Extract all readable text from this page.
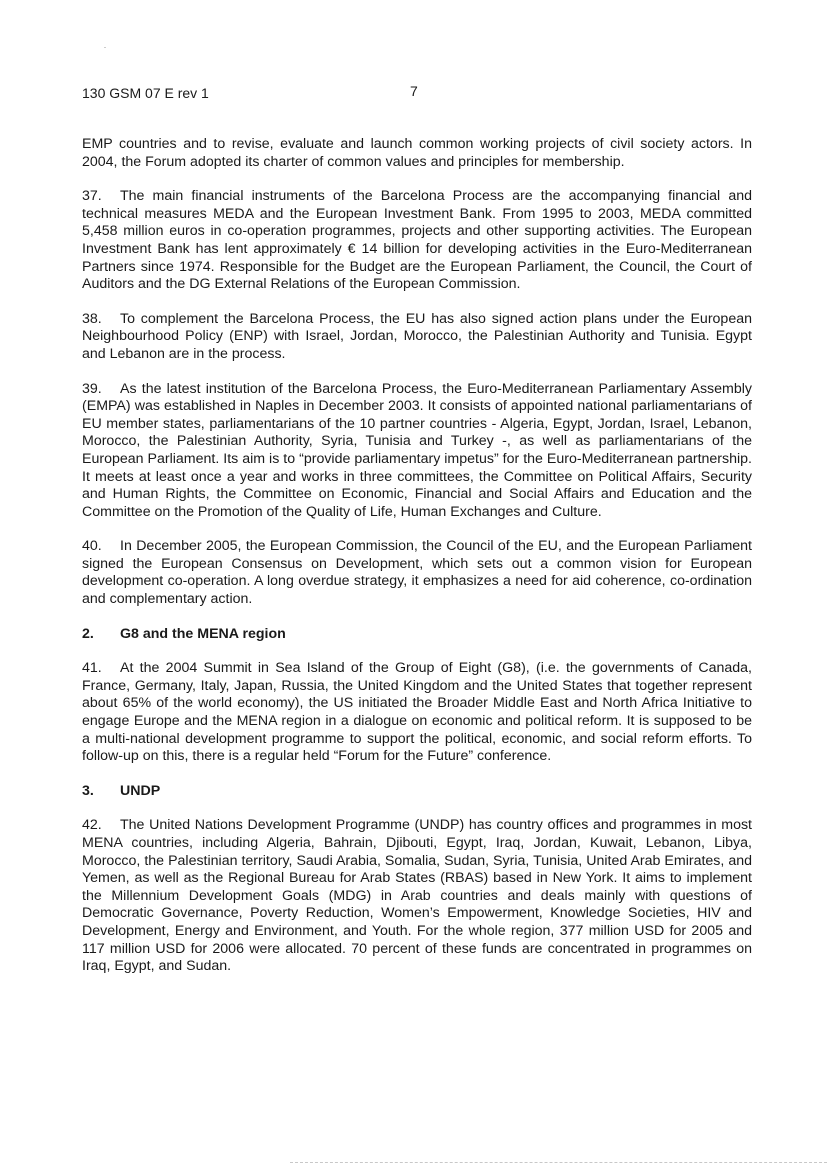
130 GSM 07 E rev 1	7

EMP countries and to revise, evaluate and launch common working projects of civil society actors. In 2004, the Forum adopted its charter of common values and principles for membership.

37. The main financial instruments of the Barcelona Process are the accompanying financial and technical measures MEDA and the European Investment Bank. From 1995 to 2003, MEDA committed 5,458 million euros in co-operation programmes, projects and other supporting activities. The European Investment Bank has lent approximately € 14 billion for developing activities in the Euro-Mediterranean Partners since 1974. Responsible for the Budget are the European Parliament, the Council, the Court of Auditors and the DG External Relations of the European Commission.

38. To complement the Barcelona Process, the EU has also signed action plans under the European Neighbourhood Policy (ENP) with Israel, Jordan, Morocco, the Palestinian Authority and Tunisia. Egypt and Lebanon are in the process.

39. As the latest institution of the Barcelona Process, the Euro-Mediterranean Parliamentary Assembly (EMPA) was established in Naples in December 2003. It consists of appointed national parliamentarians of EU member states, parliamentarians of the 10 partner countries - Algeria, Egypt, Jordan, Israel, Lebanon, Morocco, the Palestinian Authority, Syria, Tunisia and Turkey -, as well as parliamentarians of the European Parliament. Its aim is to “provide parliamentary impetus” for the Euro-Mediterranean partnership. It meets at least once a year and works in three committees, the Committee on Political Affairs, Security and Human Rights, the Committee on Economic, Financial and Social Affairs and Education and the Committee on the Promotion of the Quality of Life, Human Exchanges and Culture.

40. In December 2005, the European Commission, the Council of the EU, and the European Parliament signed the European Consensus on Development, which sets out a common vision for European development co-operation. A long overdue strategy, it emphasizes a need for aid coherence, co-ordination and complementary action.

2. G8 and the MENA region

41. At the 2004 Summit in Sea Island of the Group of Eight (G8), (i.e. the governments of Canada, France, Germany, Italy, Japan, Russia, the United Kingdom and the United States that together represent about 65% of the world economy), the US initiated the Broader Middle East and North Africa Initiative to engage Europe and the MENA region in a dialogue on economic and political reform. It is supposed to be a multi-national development programme to support the political, economic, and social reform efforts. To follow-up on this, there is a regular held “Forum for the Future” conference.

3. UNDP

42. The United Nations Development Programme (UNDP) has country offices and programmes in most MENA countries, including Algeria, Bahrain, Djibouti, Egypt, Iraq, Jordan, Kuwait, Lebanon, Libya, Morocco, the Palestinian territory, Saudi Arabia, Somalia, Sudan, Syria, Tunisia, United Arab Emirates, and Yemen, as well as the Regional Bureau for Arab States (RBAS) based in New York. It aims to implement the Millennium Development Goals (MDG) in Arab countries and deals mainly with questions of Democratic Governance, Poverty Reduction, Women’s Empowerment, Knowledge Societies, HIV and Development, Energy and Environment, and Youth. For the whole region, 377 million USD for 2005 and 117 million USD for 2006 were allocated. 70 percent of these funds are concentrated in programmes on Iraq, Egypt, and Sudan.
